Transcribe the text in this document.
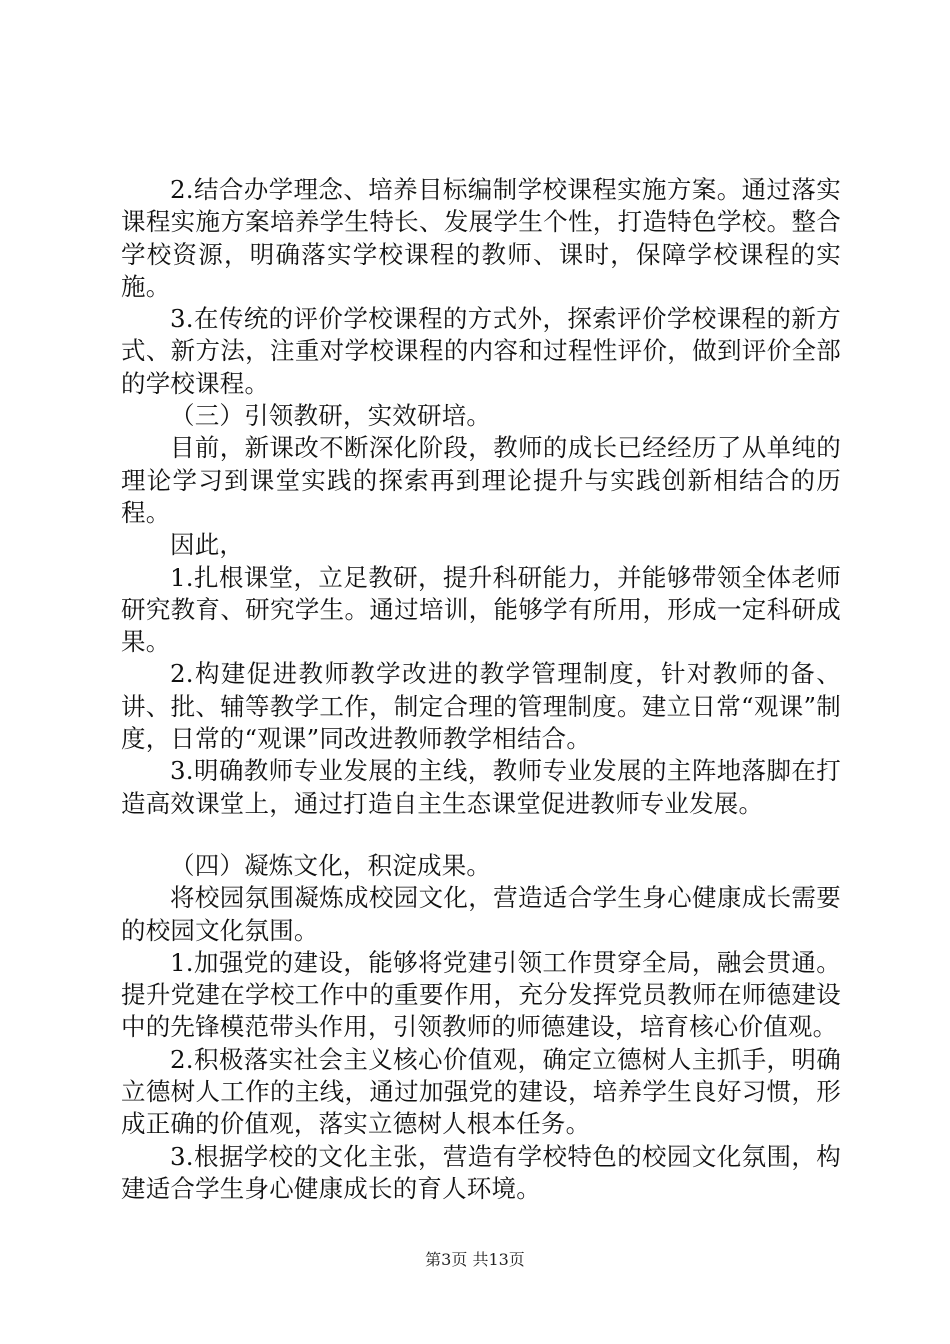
2.结合办学理念、培养目标编制学校课程实施方案。通过落实课程实施方案培养学生特长、发展学生个性，打造特色学校。整合学校资源，明确落实学校课程的教师、课时，保障学校课程的实施。

3.在传统的评价学校课程的方式外，探索评价学校课程的新方式、新方法，注重对学校课程的内容和过程性评价，做到评价全部的学校课程。

（三）引领教研，实效研培。

目前，新课改不断深化阶段，教师的成长已经经历了从单纯的理论学习到课堂实践的探索再到理论提升与实践创新相结合的历程。

因此，

1.扎根课堂，立足教研，提升科研能力，并能够带领全体老师研究教育、研究学生。通过培训，能够学有所用，形成一定科研成果。

2.构建促进教师教学改进的教学管理制度，针对教师的备、讲、批、辅等教学工作，制定合理的管理制度。建立日常“观课”制度，日常的“观课”同改进教师教学相结合。

3.明确教师专业发展的主线，教师专业发展的主阵地落脚在打造高效课堂上，通过打造自主生态课堂促进教师专业发展。

（四）凝炼文化，积淀成果。

将校园氛围凝炼成校园文化，营造适合学生身心健康成长需要的校园文化氛围。

1.加强党的建设，能够将党建引领工作贯穿全局，融会贯通。提升党建在学校工作中的重要作用，充分发挥党员教师在师德建设中的先锋模范带头作用，引领教师的师德建设，培育核心价值观。

2.积极落实社会主义核心价值观，确定立德树人主抓手，明确立德树人工作的主线，通过加强党的建设，培养学生良好习惯，形成正确的价值观，落实立德树人根本任务。

3.根据学校的文化主张，营造有学校特色的校园文化氛围，构建适合学生身心健康成长的育人环境。

第3页 共13页
